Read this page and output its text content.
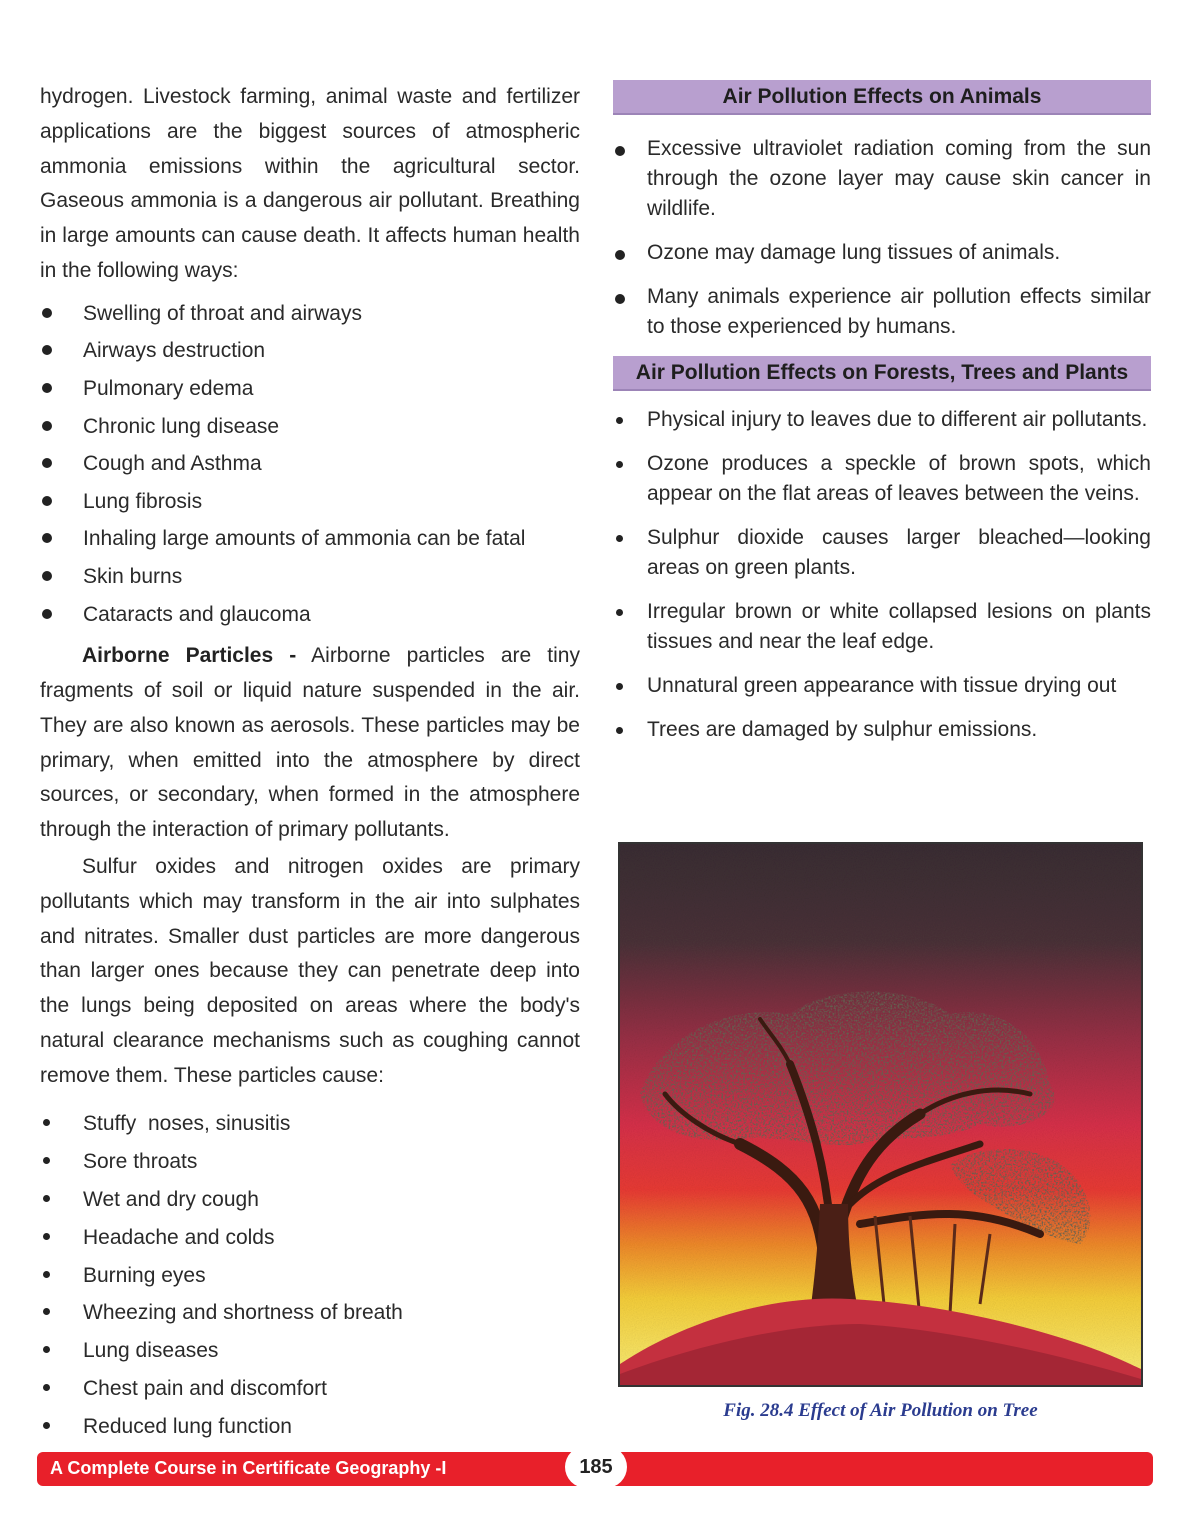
hydrogen. Livestock farming, animal waste and fertilizer applications are the biggest sources of atmospheric ammonia emissions within the agricultural sector. Gaseous ammonia is a dangerous air pollutant. Breathing in large amounts can cause death. It affects human health in the following ways:

Swelling of throat and airways
Airways destruction
Pulmonary edema
Chronic lung disease
Cough and Asthma
Lung fibrosis
Inhaling large amounts of ammonia can be fatal
Skin burns
Cataracts and glaucoma

Airborne Particles - Airborne particles are tiny fragments of soil or liquid nature suspended in the air. They are also known as aerosols. These particles may be primary, when emitted into the atmosphere by direct sources, or secondary, when formed in the atmosphere through the interaction of primary pollutants.

Sulfur oxides and nitrogen oxides are primary pollutants which may transform in the air into sulphates and nitrates. Smaller dust particles are more dangerous than larger ones because they can penetrate deep into the lungs being deposited on areas where the body's natural clearance mechanisms such as coughing cannot remove them. These particles cause:

Stuffy  noses, sinusitis
Sore throats
Wet and dry cough
Headache and colds
Burning eyes
Wheezing and shortness of breath
Lung diseases
Chest pain and discomfort
Reduced lung function
Air Pollution Effects on Animals
Excessive ultraviolet radiation coming from the sun through the ozone layer may cause skin cancer in wildlife.
Ozone may damage lung tissues of animals.
Many animals experience air pollution effects similar to those experienced by humans.
Air Pollution Effects on Forests, Trees and Plants
Physical injury to leaves due to different air pollutants.
Ozone produces a speckle of brown spots, which appear on the flat areas of leaves between the veins.
Sulphur dioxide causes larger bleached—looking areas on green plants.
Irregular brown or white collapsed lesions on plants tissues and near the leaf edge.
Unnatural green appearance with tissue drying out
Trees are damaged by sulphur emissions.
Fig. 28.4 Effect of Air Pollution on Tree
A Complete Course in Certificate Geography -I	185
